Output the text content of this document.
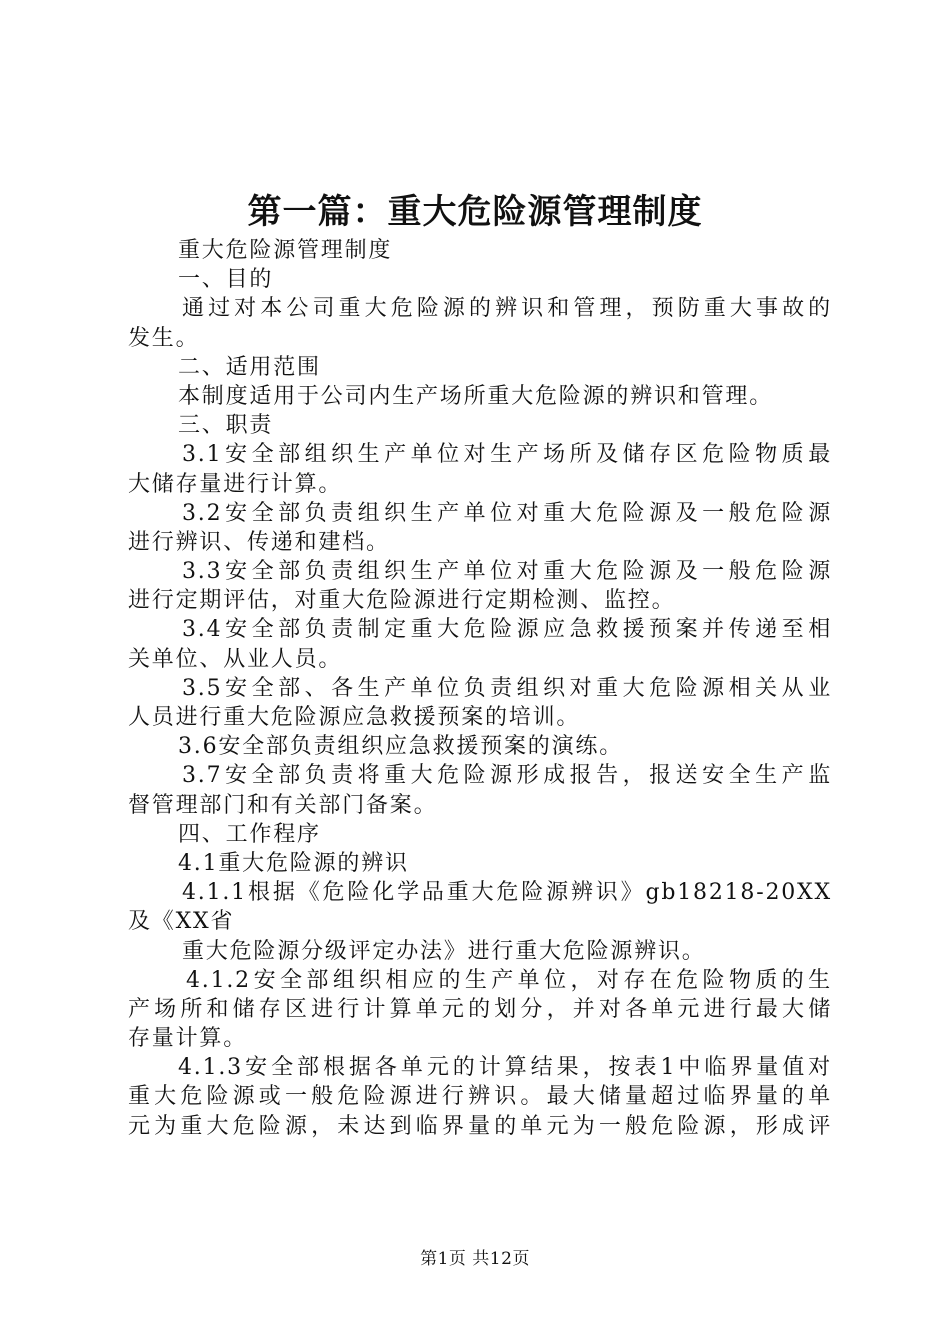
第一篇：重大危险源管理制度
重大危险源管理制度
一、目的
通过对本公司重大危险源的辨识和管理，预防重大事故的
发生。
二、适用范围
本制度适用于公司内生产场所重大危险源的辨识和管理。
三、职责
3.1安全部组织生产单位对生产场所及储存区危险物质最
大储存量进行计算。
3.2安全部负责组织生产单位对重大危险源及一般危险源
进行辨识、传递和建档。
3.3安全部负责组织生产单位对重大危险源及一般危险源
进行定期评估，对重大危险源进行定期检测、监控。
3.4安全部负责制定重大危险源应急救援预案并传递至相
关单位、从业人员。
3.5安全部、各生产单位负责组织对重大危险源相关从业
人员进行重大危险源应急救援预案的培训。
3.6安全部负责组织应急救援预案的演练。
3.7安全部负责将重大危险源形成报告，报送安全生产监
督管理部门和有关部门备案。
四、工作程序
4.1重大危险源的辨识
4.1.1根据《危险化学品重大危险源辨识》gb18218-20XX
及《XX省
重大危险源分级评定办法》进行重大危险源辨识。
4.1.2安全部组织相应的生产单位，对存在危险物质的生
产场所和储存区进行计算单元的划分，并对各单元进行最大储
存量计算。
4.1.3安全部根据各单元的计算结果，按表1中临界量值对
重大危险源或一般危险源进行辨识。最大储量超过临界量的单
元为重大危险源，未达到临界量的单元为一般危险源，形成评
第1页 共12页
